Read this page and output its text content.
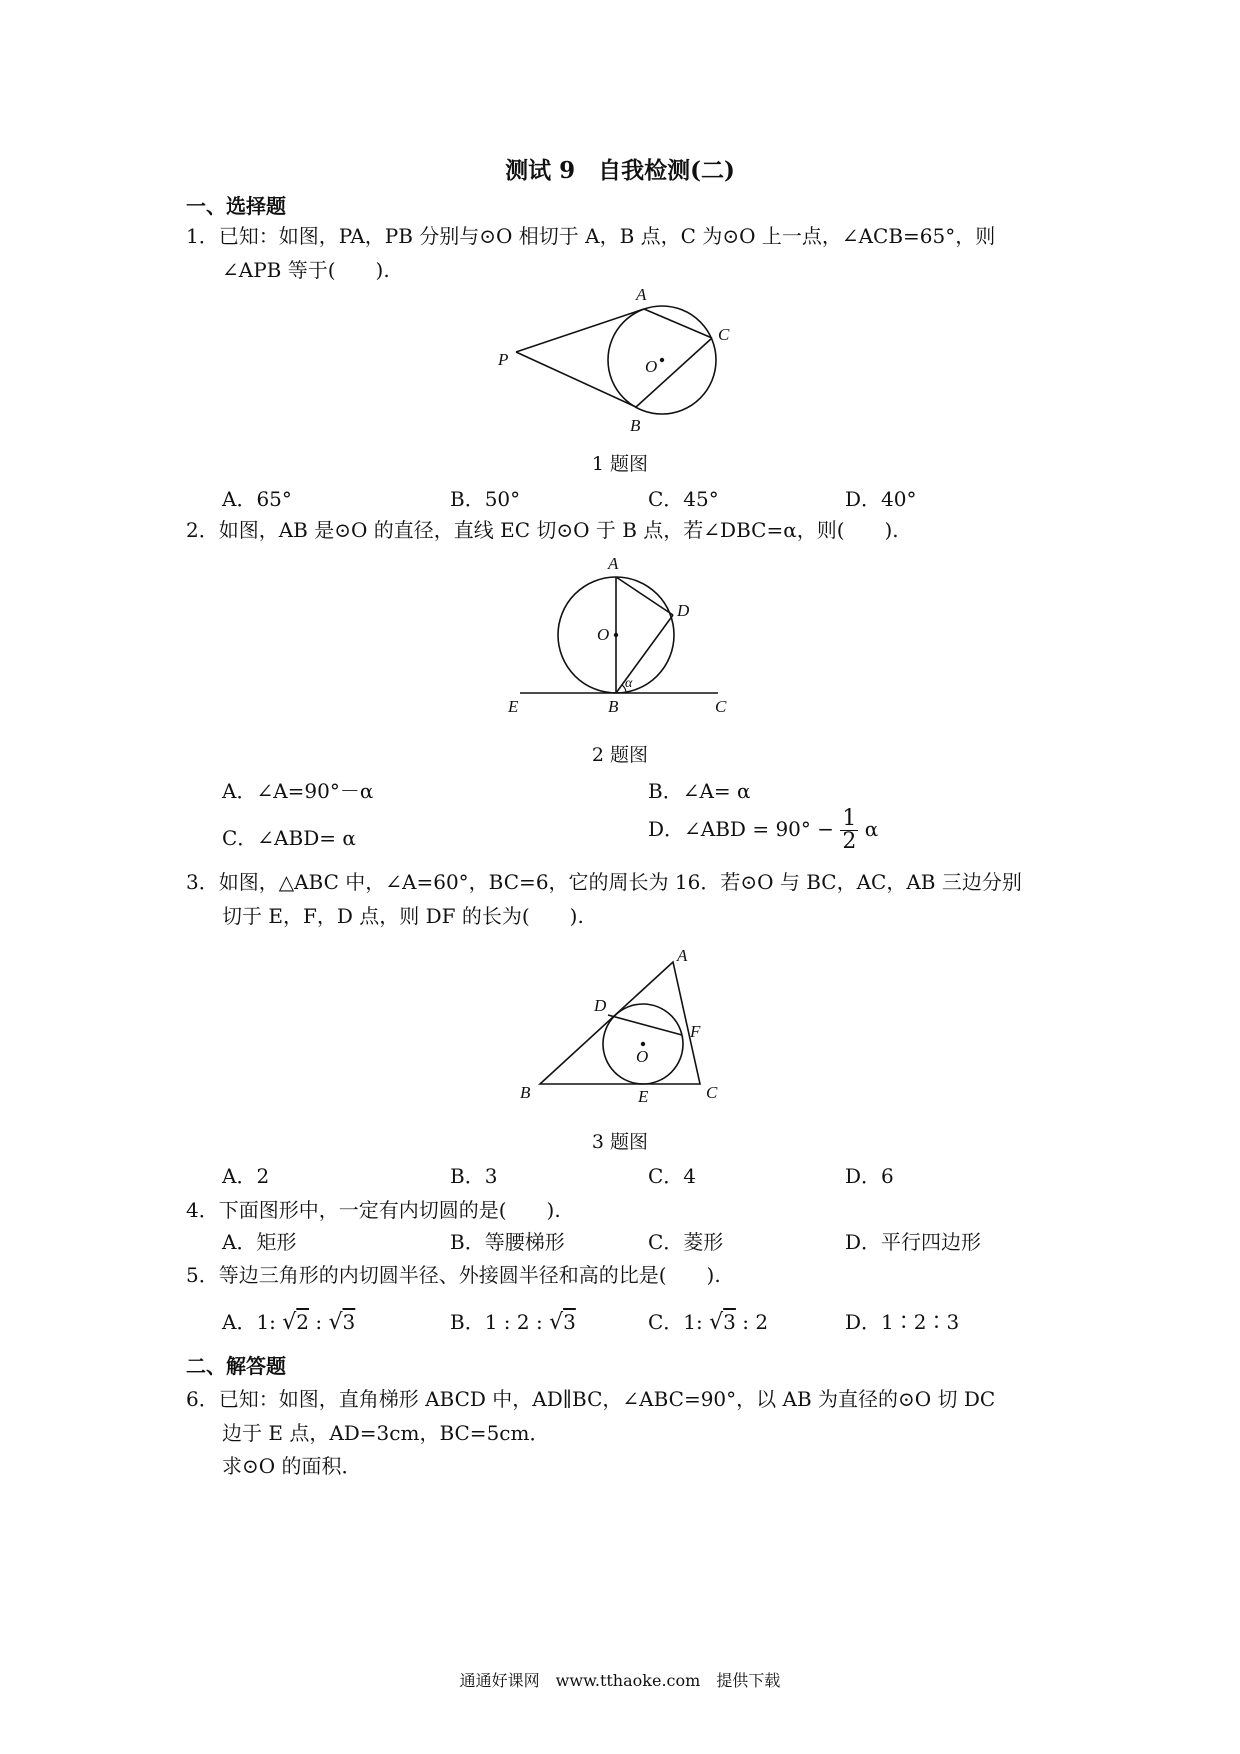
测试 9　自我检测(二)
一、选择题
1．已知：如图，PA，PB 分别与⊙O 相切于 A，B 点，C 为⊙O 上一点，∠ACB=65°，则
∠APB 等于(　　).
A
B
C
P	O
1 题图
A．65°	B．50°	C．45°	D．40°
2．如图，AB 是⊙O 的直径，直线 EC 切⊙O 于 B 点，若∠DBC=α，则(　　).
A
B	C
D
E
O
α
2 题图
A．∠A=90°－α	B．∠A= α
C．∠ABD= α	D．∠ABD = $90^\circ - \frac{1}{2}$ α
3．如图，△ABC 中，∠A=60°，BC=6，它的周长为 16．若⊙O 与 BC，AC，AB 三边分别
切于 E，F，D 点，则 DF 的长为(　　).
A
B	C
D
E
F
O
3 题图
A．2	B．3	C．4	D．6
4．下面图形中，一定有内切圆的是(　　).
A．矩形	B．等腰梯形	C．菱形	D．平行四边形
5．等边三角形的内切圆半径、外接圆半径和高的比是(　　).
A．1: √2 : √3	B．1 : 2 : √3	C．1: √3 : 2	D．1∶2∶3
二、解答题
6．已知：如图，直角梯形 ABCD 中，AD∥BC，∠ABC=90°，以 AB 为直径的⊙O 切 DC
边于 E 点，AD=3cm，BC=5cm．
求⊙O 的面积．
通通好课网　www.tthaoke.com　提供下载
